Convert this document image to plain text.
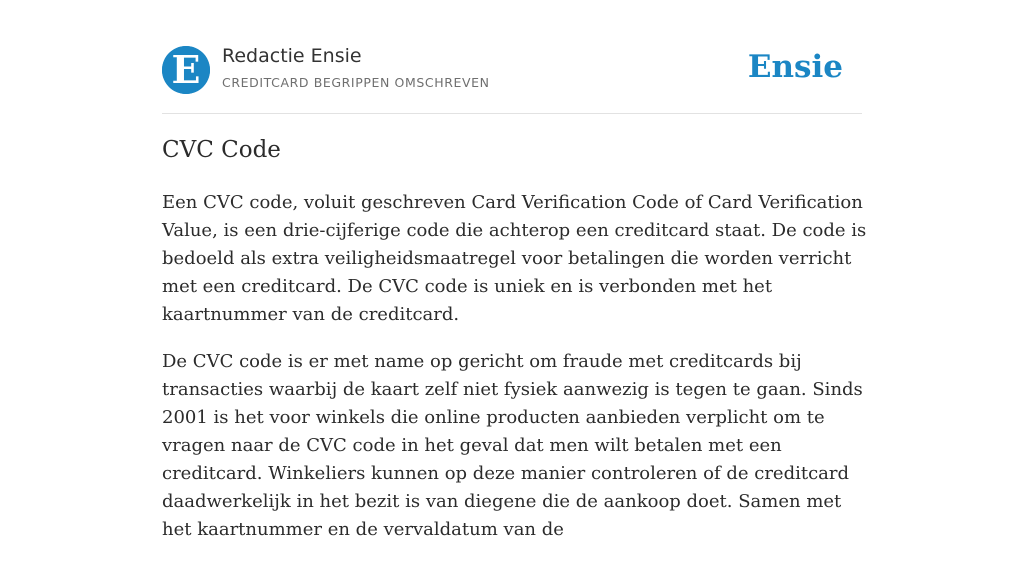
E Redactie Ensie
CREDITCARD BEGRIPPEN OMSCHREVEN	Ensie
CVC Code

Een CVC code, voluit geschreven Card Verification Code of Card Verification Value, is een drie-cijferige code die achterop een creditcard staat. De code is bedoeld als extra veiligheidsmaatregel voor betalingen die worden verricht met een creditcard. De CVC code is uniek en is verbonden met het kaartnummer van de creditcard.

De CVC code is er met name op gericht om fraude met creditcards bij transacties waarbij de kaart zelf niet fysiek aanwezig is tegen te gaan. Sinds 2001 is het voor winkels die online producten aanbieden verplicht om te vragen naar de CVC code in het geval dat men wilt betalen met een creditcard. Winkeliers kunnen op deze manier controleren of de creditcard daadwerkelijk in het bezit is van diegene die de aankoop doet. Samen met het kaartnummer en de vervaldatum van de
